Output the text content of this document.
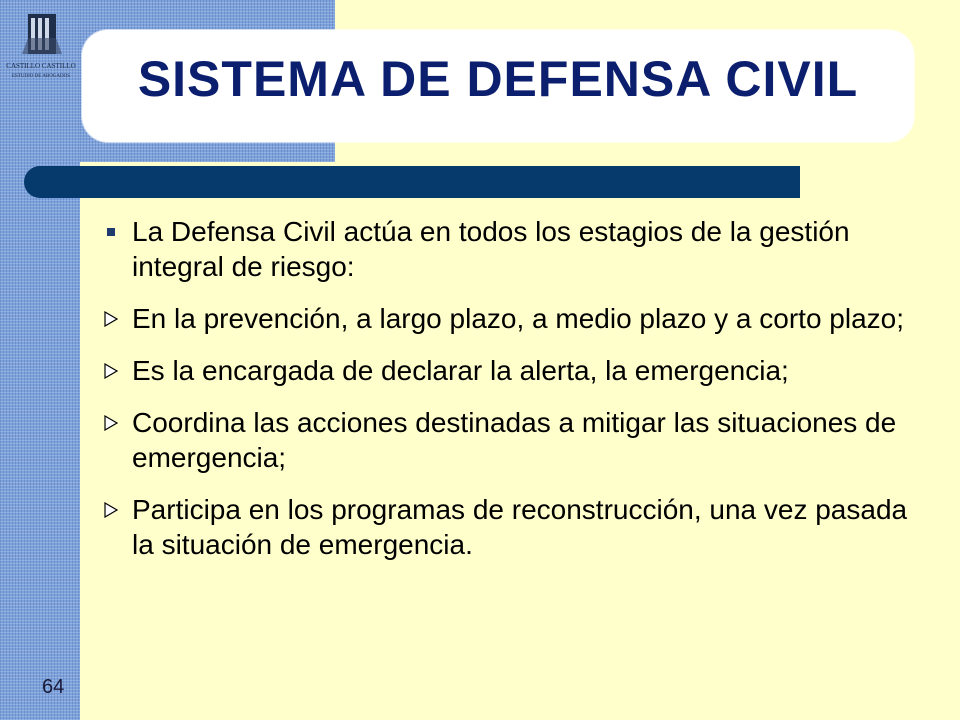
CASTILLO CASTILLO
ESTUDIO DE ABOGADOS	SISTEMA DE DEFENSA CIVIL
La Defensa Civil actúa en todos los estagios de la gestión integral de riesgo:
En la prevención, a largo plazo, a medio plazo y a corto plazo;
Es la encargada de declarar la alerta, la emergencia;
Coordina las acciones destinadas a mitigar las situaciones de emergencia;
Participa en los programas de reconstrucción, una vez pasada la situación de emergencia.
64
